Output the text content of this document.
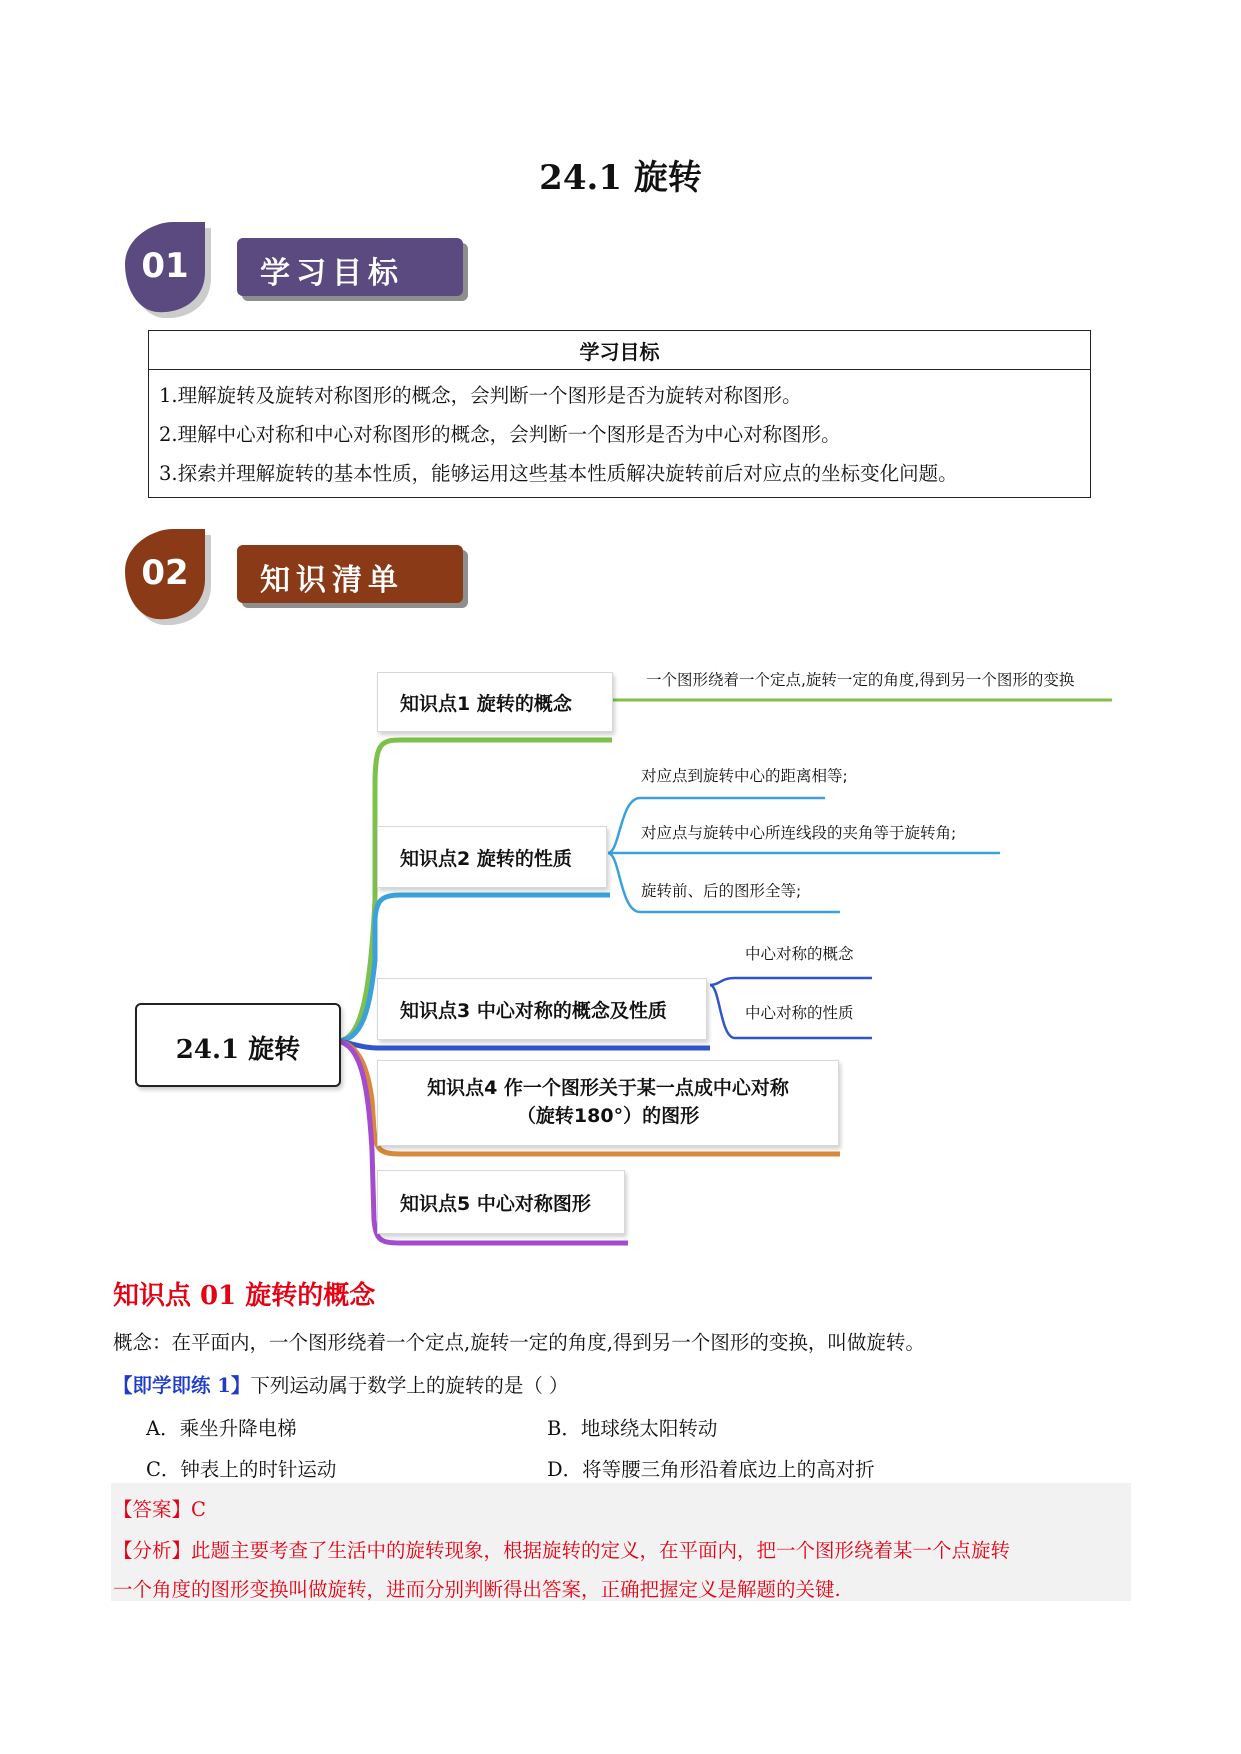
24.1 旋转
01	学习目标
学习目标
1.理解旋转及旋转对称图形的概念，会判断一个图形是否为旋转对称图形。
2.理解中心对称和中心对称图形的概念，会判断一个图形是否为中心对称图形。
3.探索并理解旋转的基本性质，能够运用这些基本性质解决旋转前后对应点的坐标变化问题。
02	知识清单
24.1 旋转
知识点1 旋转的概念
一个图形绕着一个定点,旋转一定的角度,得到另一个图形的变换
知识点2 旋转的性质
对应点到旋转中心的距离相等;
对应点与旋转中心所连线段的夹角等于旋转角;
旋转前、后的图形全等;
知识点3 中心对称的概念及性质
中心对称的概念
中心对称的性质
知识点4 作一个图形关于某一点成中心对称
（旋转180°）的图形
知识点5 中心对称图形
知识点 01 旋转的概念
概念：在平面内，一个图形绕着一个定点,旋转一定的角度,得到另一个图形的变换，叫做旋转。
【即学即练 1】下列运动属于数学上的旋转的是（ ）
A．乘坐升降电梯	B．地球绕太阳转动
C．钟表上的时针运动	D．将等腰三角形沿着底边上的高对折
【答案】C
【分析】此题主要考查了生活中的旋转现象，根据旋转的定义，在平面内，把一个图形绕着某一个点旋转
一个角度的图形变换叫做旋转，进而分别判断得出答案，正确把握定义是解题的关键.
